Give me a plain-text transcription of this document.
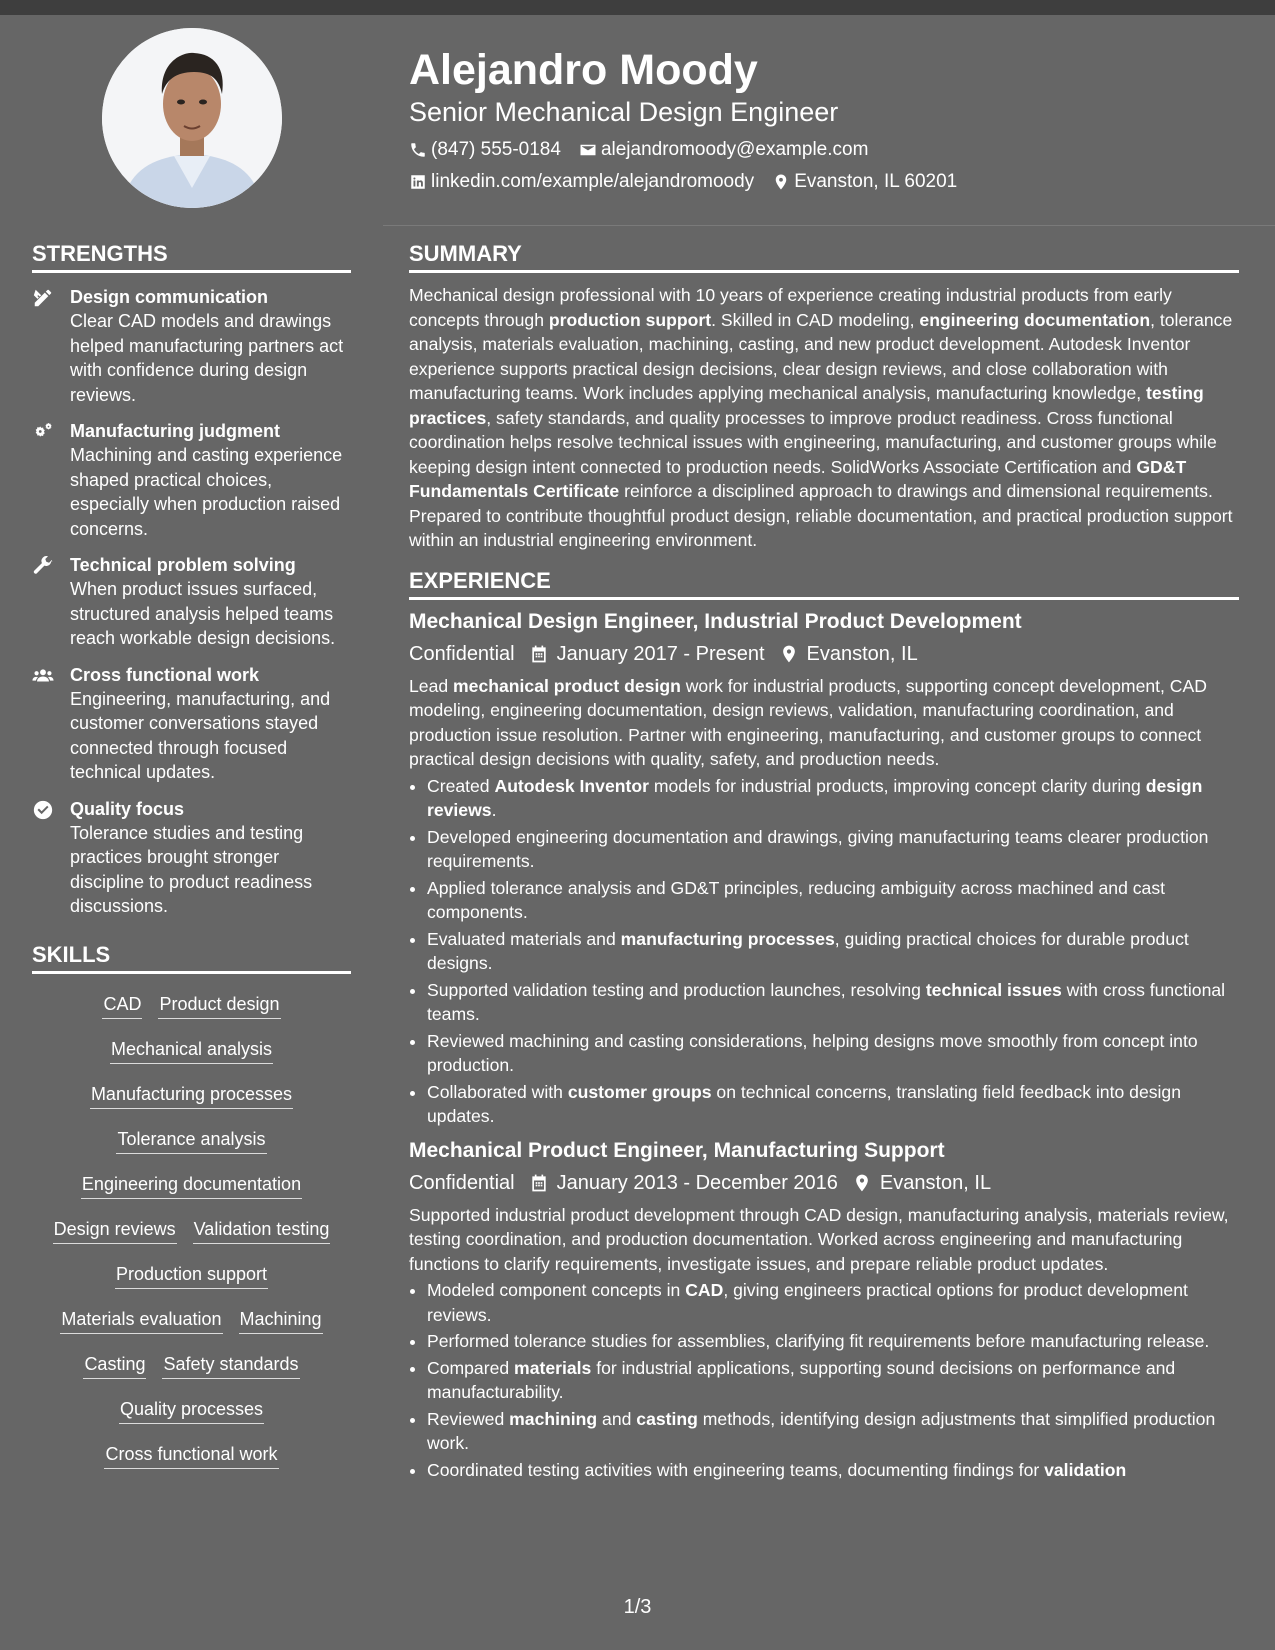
Alejandro Moody
Senior Mechanical Design Engineer
(847) 555-0184 alejandromoody@example.com
linkedin.com/example/alejandromoody Evanston, IL 60201
STRENGTHS
Design communication
Clear CAD models and drawings helped manufacturing partners act with confidence during design reviews.
Manufacturing judgment
Machining and casting experience shaped practical choices, especially when production raised concerns.
Technical problem solving
When product issues surfaced, structured analysis helped teams reach workable design decisions.
Cross functional work
Engineering, manufacturing, and customer conversations stayed connected through focused technical updates.
Quality focus
Tolerance studies and testing practices brought stronger discipline to product readiness discussions.
SKILLS
CAD Product design
Mechanical analysis
Manufacturing processes
Tolerance analysis
Engineering documentation
Design reviews Validation testing
Production support
Materials evaluation Machining
Casting Safety standards
Quality processes
Cross functional work
SUMMARY

Mechanical design professional with 10 years of experience creating industrial products from early concepts through production support. Skilled in CAD modeling, engineering documentation, tolerance analysis, materials evaluation, machining, casting, and new product development. Autodesk Inventor experience supports practical design decisions, clear design reviews, and close collaboration with manufacturing teams. Work includes applying mechanical analysis, manufacturing knowledge, testing practices, safety standards, and quality processes to improve product readiness. Cross functional coordination helps resolve technical issues with engineering, manufacturing, and customer groups while keeping design intent connected to production needs. SolidWorks Associate Certification and GD&T Fundamentals Certificate reinforce a disciplined approach to drawings and dimensional requirements. Prepared to contribute thoughtful product design, reliable documentation, and practical production support within an industrial engineering environment.

EXPERIENCE
Mechanical Design Engineer, Industrial Product Development
Confidential January 2017 - Present Evanston, IL

Lead mechanical product design work for industrial products, supporting concept development, CAD modeling, engineering documentation, design reviews, validation, manufacturing coordination, and production issue resolution. Partner with engineering, manufacturing, and customer groups to connect practical design decisions with quality, safety, and production needs.

• Created Autodesk Inventor models for industrial products, improving concept clarity during design reviews.
• Developed engineering documentation and drawings, giving manufacturing teams clearer production requirements.
• Applied tolerance analysis and GD&T principles, reducing ambiguity across machined and cast components.
• Evaluated materials and manufacturing processes, guiding practical choices for durable product designs.
• Supported validation testing and production launches, resolving technical issues with cross functional teams.
• Reviewed machining and casting considerations, helping designs move smoothly from concept into production.
• Collaborated with customer groups on technical concerns, translating field feedback into design updates.
Mechanical Product Engineer, Manufacturing Support
Confidential January 2013 - December 2016 Evanston, IL

Supported industrial product development through CAD design, manufacturing analysis, materials review, testing coordination, and production documentation. Worked across engineering and manufacturing functions to clarify requirements, investigate issues, and prepare reliable product updates.

• Modeled component concepts in CAD, giving engineers practical options for product development reviews.
• Performed tolerance studies for assemblies, clarifying fit requirements before manufacturing release.
• Compared materials for industrial applications, supporting sound decisions on performance and manufacturability.
• Reviewed machining and casting methods, identifying design adjustments that simplified production work.
• Coordinated testing activities with engineering teams, documenting findings for validation
1/3
